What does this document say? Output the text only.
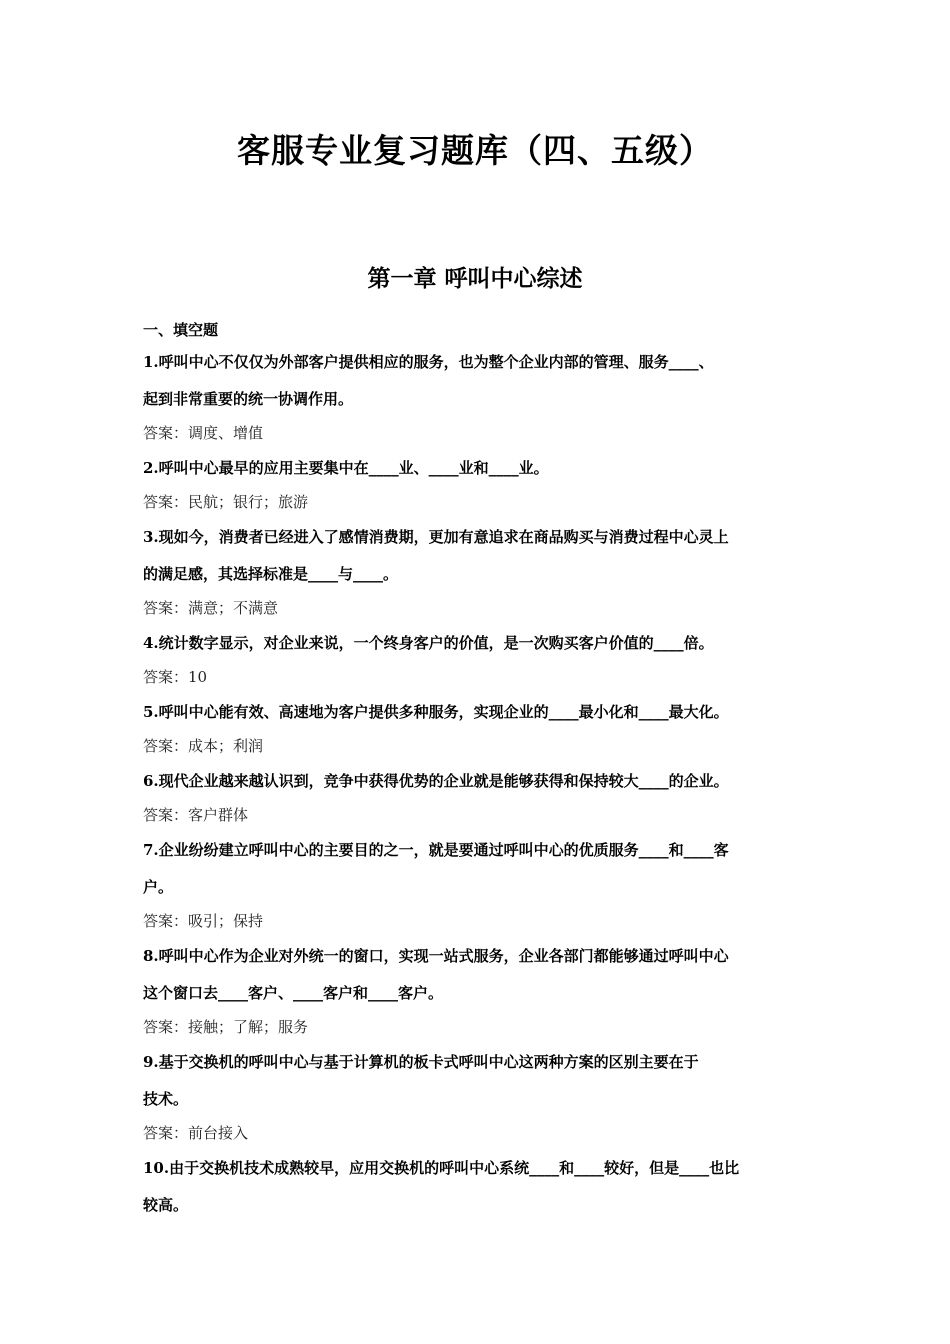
客服专业复习题库（四、五级）
第一章 呼叫中心综述
一、填空题
1.呼叫中心不仅仅为外部客户提供相应的服务，也为整个企业内部的管理、服务____、
起到非常重要的统一协调作用。
答案：调度、增值
2.呼叫中心最早的应用主要集中在____业、____业和____业。
答案：民航；银行；旅游
3.现如今，消费者已经进入了感情消费期，更加有意追求在商品购买与消费过程中心灵上
的满足感，其选择标准是____与____。
答案：满意；不满意
4.统计数字显示，对企业来说，一个终身客户的价值，是一次购买客户价值的____倍。
答案：10
5.呼叫中心能有效、高速地为客户提供多种服务，实现企业的____最小化和____最大化。
答案：成本；利润
6.现代企业越来越认识到，竞争中获得优势的企业就是能够获得和保持较大____的企业。
答案：客户群体
7.企业纷纷建立呼叫中心的主要目的之一，就是要通过呼叫中心的优质服务____和____客
户。
答案：吸引；保持
8.呼叫中心作为企业对外统一的窗口，实现一站式服务，企业各部门都能够通过呼叫中心
这个窗口去____客户、____客户和____客户。
答案：接触；了解；服务
9.基于交换机的呼叫中心与基于计算机的板卡式呼叫中心这两种方案的区别主要在于
技术。
答案：前台接入
10.由于交换机技术成熟较早，应用交换机的呼叫中心系统____和____较好，但是____也比
较高。
